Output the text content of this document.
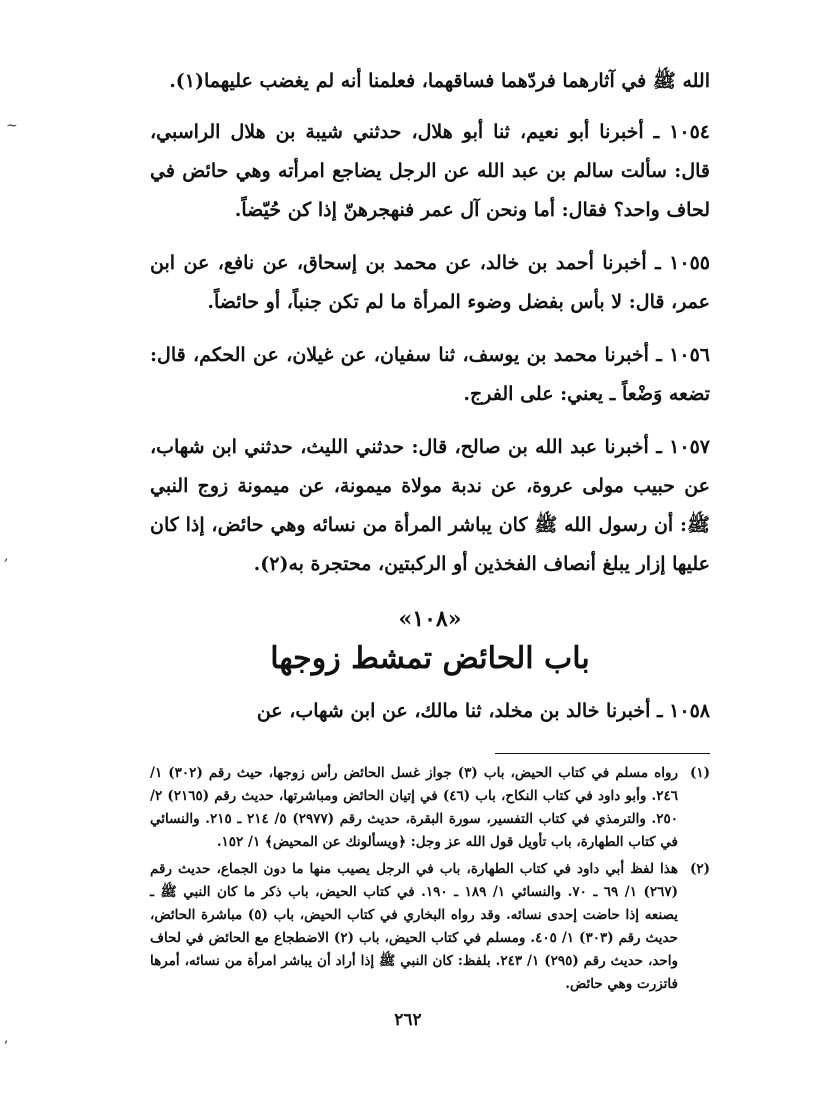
~
,
,

الله ﷺ في آثارهما فردّهما فساقهما، فعلمنا أنه لم يغضب عليهما(١).

١٠٥٤ ـ أخبرنا أبو نعيم، ثنا أبو هلال، حدثني شيبة بن هلال الراسبي، قال: سألت سالم بن عبد الله عن الرجل يضاجع امرأته وهي حائض في لحاف واحد؟ فقال: أما ونحن آل عمر فنهجرهنّ إذا كن حُيّضاً.

١٠٥٥ ـ أخبرنا أحمد بن خالد، عن محمد بن إسحاق، عن نافع، عن ابن عمر، قال: لا بأس بفضل وضوء المرأة ما لم تكن جنباً، أو حائضاً.

١٠٥٦ ـ أخبرنا محمد بن يوسف، ثنا سفيان، عن غيلان، عن الحكم، قال: تضعه وَضْعاً ـ يعني: على الفرج.

١٠٥٧ ـ أخبرنا عبد الله بن صالح، قال: حدثني الليث، حدثني ابن شهاب، عن حبيب مولى عروة، عن ندبة مولاة ميمونة، عن ميمونة زوج النبي ﷺ: أن رسول الله ﷺ كان يباشر المرأة من نسائه وهي حائض، إذا كان عليها إزار يبلغ أنصاف الفخذين أو الركبتين، محتجرة به(٢).

«١٠٨»
باب الحائض تمشط زوجها

١٠٥٨ ـ أخبرنا خالد بن مخلد، ثنا مالك، عن ابن شهاب، عن

(١)
رواه مسلم في كتاب الحيض، باب (٣) جواز غسل الحائض رأس زوجها، حيث رقم (٣٠٢) ١/ ٢٤٦. وأبو داود في كتاب النكاح، باب (٤٦) في إتيان الحائض ومباشرتها، حديث رقم (٢١٦٥) ٢/ ٢٥٠. والترمذي في كتاب التفسير، سورة البقرة، حديث رقم (٢٩٧٧) ٥/ ٢١٤ ـ ٢١٥. والنسائي في كتاب الطهارة، باب تأويل قول الله عز وجل: ﴿ويسألونك عن المحيض﴾ ١/ ١٥٢.
(٢)
هذا لفظ أبي داود في كتاب الطهارة، باب في الرجل يصيب منها ما دون الجماع، حديث رقم (٢٦٧) ١/ ٦٩ ـ ٧٠. والنسائي ١/ ١٨٩ ـ ١٩٠. في كتاب الحيض، باب ذكر ما كان النبي ﷺ ـ يصنعه إذا حاضت إحدى نسائه. وقد رواه البخاري في كتاب الحيض، باب (٥) مباشرة الحائض، حديث رقم (٣٠٣) ١/ ٤٠٥. ومسلم في كتاب الحيض، باب (٢) الاضطجاع مع الحائض في لحاف واحد، حديث رقم (٢٩٥) ١/ ٢٤٣. بلفظ: كان النبي ﷺ إذا أراد أن يباشر امرأة من نسائه، أمرها فاتزرت وهي حائض.
٢٦٢
